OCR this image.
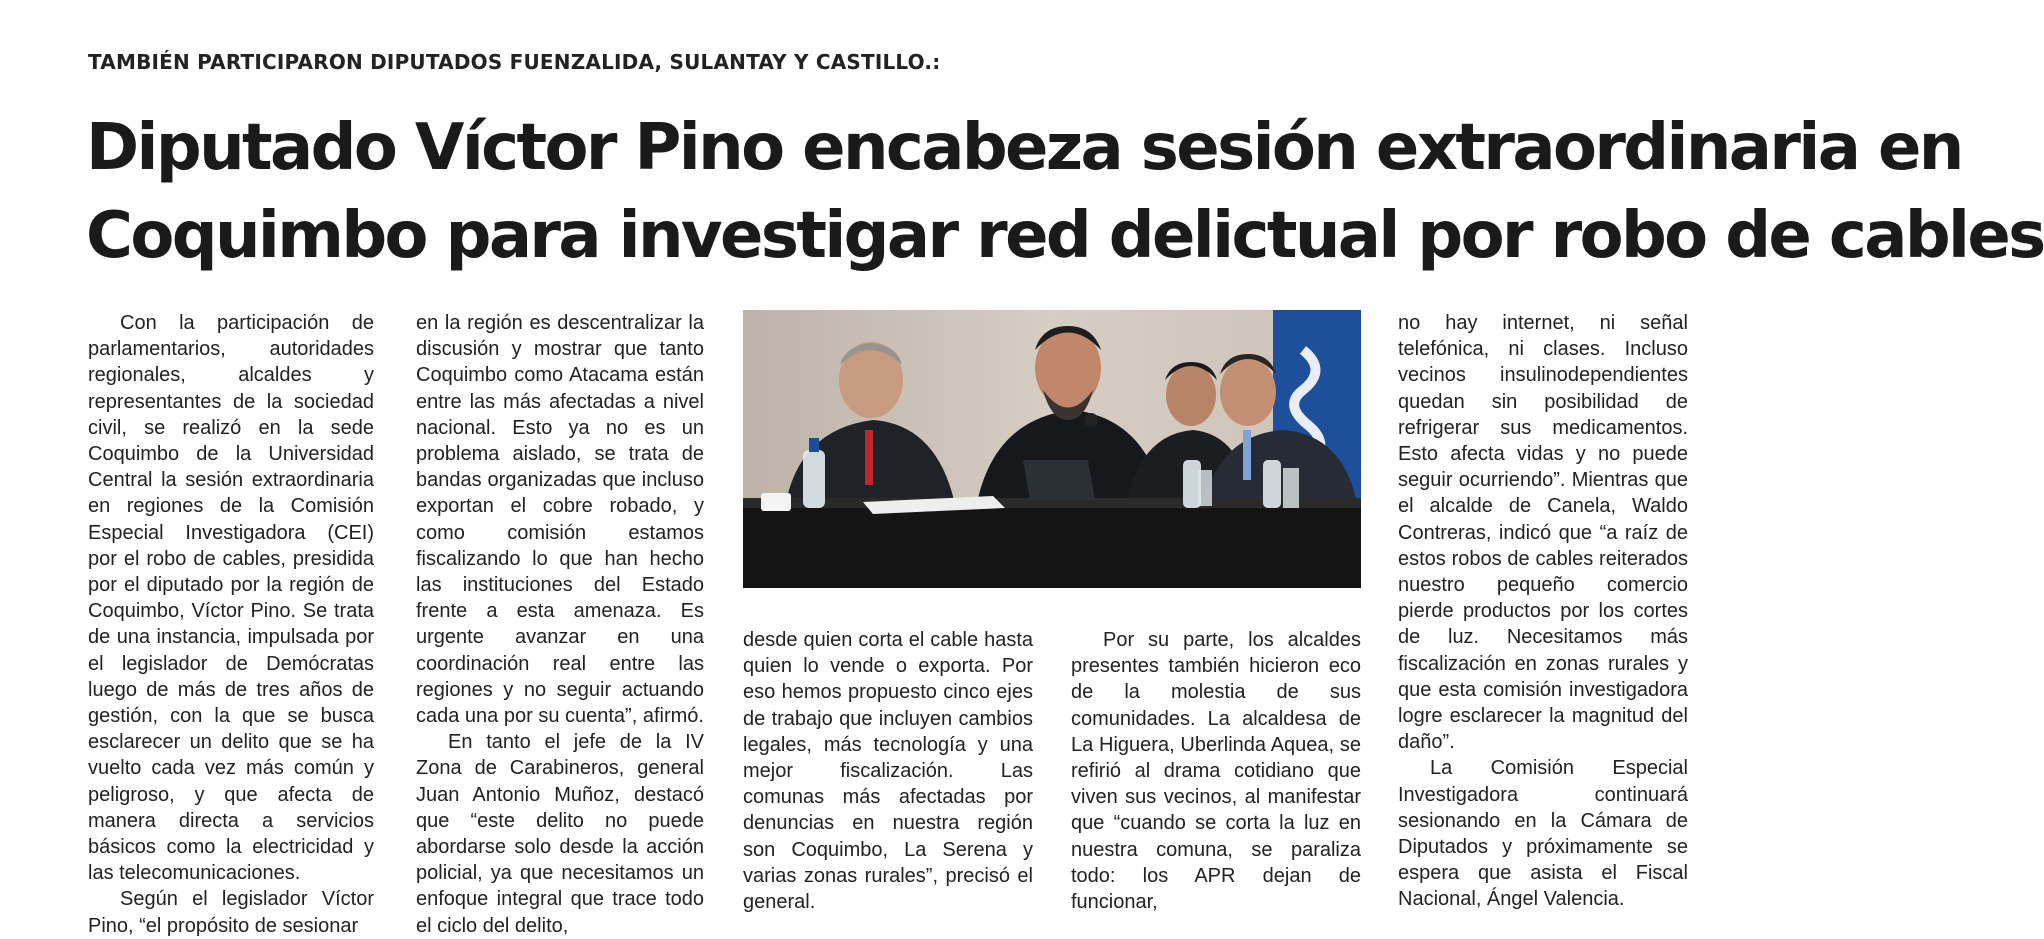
TAMBIÉN PARTICIPARON DIPUTADOS FUENZALIDA, SULANTAY Y CASTILLO.:
Diputado Víctor Pino encabeza sesión extraordinaria en
Coquimbo para investigar red delictual por robo de cables

Con la participación de parlamentarios, autoridades regionales, alcaldes y representantes de la sociedad civil, se realizó en la sede Coquimbo de la Universidad Central la sesión extraordinaria en regiones de la Comisión Especial Investigadora (CEI) por el robo de cables, presidida por el diputado por la región de Coquimbo, Víctor Pino. Se trata de una instancia, impulsada por el legislador de Demócratas luego de más de tres años de gestión, con la que se busca esclarecer un delito que se ha vuelto cada vez más común y peligroso, y que afecta de manera directa a servicios básicos como la electricidad y las telecomunicaciones.

Según el legislador Víctor Pino, “el propósito de sesionar

en la región es descentralizar la discusión y mostrar que tanto Coquimbo como Atacama están entre las más afectadas a nivel nacional. Esto ya no es un problema aislado, se trata de bandas organizadas que incluso exportan el cobre robado, y como comisión estamos fiscalizando lo que han hecho las instituciones del Estado frente a esta amenaza. Es urgente avanzar en una coordinación real entre las regiones y no seguir actuando cada una por su cuenta”, afirmó.

En tanto el jefe de la IV Zona de Carabineros, general Juan Antonio Muñoz, destacó que “este delito no puede abordarse solo desde la acción policial, ya que necesitamos un enfoque integral que trace todo el ciclo del delito,

desde quien corta el cable hasta quien lo vende o exporta. Por eso hemos propuesto cinco ejes de trabajo que incluyen cambios legales, más tecnología y una mejor fiscalización. Las comunas más afectadas por denuncias en nuestra región son Coquimbo, La Serena y varias zonas rurales”, precisó el general.

Por su parte, los alcaldes presentes también hicieron eco de la molestia de sus comunidades. La alcaldesa de La Higuera, Uberlinda Aquea, se refirió al drama cotidiano que viven sus vecinos, al manifestar que “cuando se corta la luz en nuestra comuna, se paraliza todo: los APR dejan de funcionar,

no hay internet, ni señal telefónica, ni clases. Incluso vecinos insulinodependientes quedan sin posibilidad de refrigerar sus medicamentos. Esto afecta vidas y no puede seguir ocurriendo”. Mientras que el alcalde de Canela, Waldo Contreras, indicó que “a raíz de estos robos de cables reiterados nuestro pequeño comercio pierde productos por los cortes de luz. Necesitamos más fiscalización en zonas rurales y que esta comisión investigadora logre esclarecer la magnitud del daño”.

La Comisión Especial Investigadora continuará sesionando en la Cámara de Diputados y próximamente se espera que asista el Fiscal Nacional, Ángel Valencia.
